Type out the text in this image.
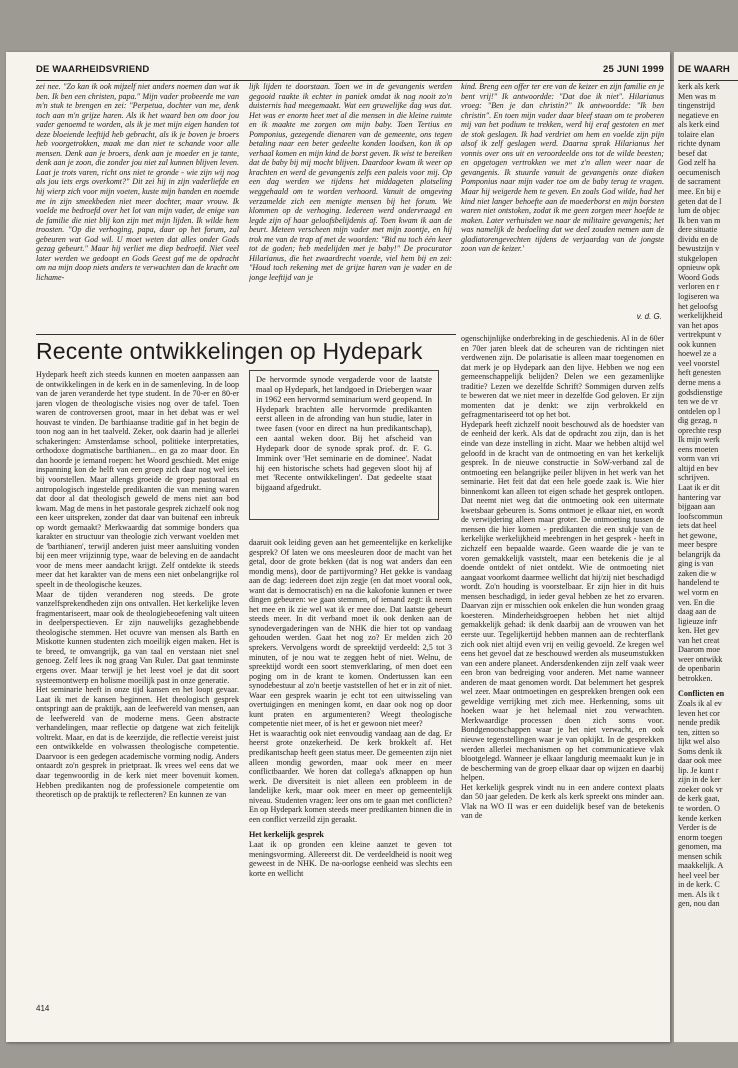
DE WAARHEIDSVRIEND	25 JUNI 1999

zei nee. "Zo kan ik ook mijzelf niet anders noemen dan wat ik ben. Ik ben een christen, papa." Mijn vader probeerde me van m'n stuk te brengen en zei: "Perpetua, dochter van me, denk toch aan m'n grijze haren. Als ik het waard ben om door jou vader genoemd te worden, als ik je met mijn eigen handen tot deze bloeiende leeftijd heb gebracht, als ik je boven je broers heb voorgetrokken, maak me dan niet te schande voor alle mensen. Denk aan je broers, denk aan je moeder en je tante, denk aan je zoon, die zonder jou niet zal kunnen blijven leven. Laat je trots varen, richt ons niet te gronde - wie zijn wij nog als jou iets ergs overkomt?" Dit zei hij in zijn vaderliefde en hij wierp zich voor mijn voeten, kuste mijn handen en noemde me in zijn smeekbeden niet meer dochter, maar vrouw. Ik voelde me bedroefd over het lot van mijn vader, de enige van de familie die niet blij kon zijn met mijn lijden. Ik wilde hem troosten. "Op die verhoging, papa, daar op het forum, zal gebeuren wat God wil. U moet weten dat alles onder Gods gezag gebeurt." Maar hij verliet me diep bedroefd. Niet veel later werden we gedoopt en Gods Geest gaf me de opdracht om na mijn doop niets anders te verwachten dan de kracht om lichame-

lijk lijden te doorstaan. Toen we in de gevangenis werden gegooid raakte ik echter in paniek omdat ik nog nooit zo'n duisternis had meegemaakt. Wat een gruwelijke dag was dat. Het was er enorm heet met al die mensen in die kleine ruimte en ik maakte me zorgen om mijn baby. Toen Tertius en Pomponius, gezegende dienaren van de gemeente, ons tegen betaling naar een beter gedeelte konden loodsen, kon ik op verhaal komen en mijn kind de borst geven. Ik wist te bereiken dat de baby bij mij mocht blijven. Daardoor kwam ik weer op krachten en werd de gevangenis zelfs een paleis voor mij. Op een dag werden we tijdens het middageten plotseling weggehaald om te worden verhoord. Vanuit de omgeving verzamelde zich een menigte mensen bij het forum. We klommen op de verhoging. Iedereen werd ondervraagd en legde zijn of haar geloofsbelijdenis af. Toen kwam ik aan de beurt. Meteen verscheen mijn vader met mijn zoontje, en hij trok me van de trap af met de woorden: "Bid nu toch één keer tot de goden; heb medelijden met je baby!" De procurator Hilarianus, die het zwaardrecht voerde, viel hem bij en zei: "Houd toch rekening met de grijze haren van je vader en de jonge leeftijd van je

kind. Breng een offer ter ere van de keizer en zijn familie en je bent vrij!" Ik antwoordde: "Dat doe ik niet". Hilarianus vroeg: "Ben je dan christin?" Ik antwoordde: "Ik ben christin". En toen mijn vader daar bleef staan om te proberen mij van het podium te trekken, werd hij eraf gestoten en met de stok geslagen. Ik had verdriet om hem en voelde zijn pijn alsof ik zelf geslagen werd. Daarna sprak Hilarianus het vonnis over ons uit en veroordeelde ons tot de wilde beesten; en opgetogen vertrokken we met z'n allen weer naar de gevangenis. Ik stuurde vanuit de gevangenis onze diaken Pomponius naar mijn vader toe om de baby terug te vragen. Maar hij weigerde hem te geven. En zoals God wilde, had het kind niet langer behoefte aan de moederborst en mijn borsten waren niet ontstoken, zodat ik me geen zorgen meer hoefde te maken. Later verhuisden we naar de militaire gevangenis; het was namelijk de bedoeling dat we deel zouden nemen aan de gladiatorengevechten tijdens de verjaardag van de jongste zoon van de keizer.'

v. d. G.
Recente ontwikkelingen op Hydepark

Hydepark heeft zich steeds kunnen en moeten aanpassen aan de ontwikkelingen in de kerk en in de samenleving. In de loop van de jaren veranderde het type student. In de 70-er en 80-er jaren vlogen de theologische visies nog over de tafel. Toen waren de controversen groot, maar in het debat was er wel houvast te vinden. De barthiaanse traditie gaf in het begin de toon nog aan in het taalveld. Zeker, ook daarin had je allerlei schakeringen: Amsterdamse school, politieke interpretaties, orthodoxe dogmatische barthianen... en ga zo maar door. En dan hoorde je iemand roepen: het Woord geschiedt. Met enige inspanning kon de helft van een groep zich daar nog wel iets bij voorstellen. Maar allengs groeide de groep pastoraal en antropologisch ingestelde predikanten die van mening waren dat door al dat theologisch geweld de mens niet aan bod kwam. Mag de mens in het pastorale gesprek zichzelf ook nog een keer uitspreken, zonder dat daar van buitenaf een inbreuk op wordt gemaakt? Merkwaardig dat sommige bonders qua karakter en structuur van theologie zich verwant voelden met de 'barthianen', terwijl anderen juist meer aansluiting vonden bij een meer vrijzinnig type, waar de beleving en de aandacht voor de mens meer aandacht krijgt. Zelf ontdekte ik steeds meer dat het karakter van de mens een niet onbelangrijke rol speelt in de theologische keuzes.

Maar de tijden veranderen nog steeds. De grote vanzelfsprekendheden zijn ons ontvallen. Het kerkelijke leven fragmentariseert, maar ook de theologiebeoefening valt uiteen in deelperspectieven. Er zijn nauwelijks gezaghebbende theologische stemmen. Het ocuvre van mensen als Barth en Miskotte kunnen studenten zich moeilijk eigen maken. Het is te breed, te omvangrijk, ga van taal en verstaan niet snel genoeg. Zelf lees ik nog graag Van Ruler. Dat gaat tenminste ergens over. Maar terwijl je het leest voel je dat dit soort systeemontwerp en holisme moeilijk past in onze generatie.

Het seminarie heeft in onze tijd kansen en het loopt gevaar. Laat ik met de kansen beginnen. Het theologisch gesprek ontspringt aan de praktijk, aan de leefwereld van mensen, aan de leefwereld van de moderne mens. Geen abstracte verhandelingen, maar reflectie op datgene wat zich feitelijk voltrekt. Maar, en dat is de keerzijde, die reflectie vereist juist een ontwikkelde en volwassen theologische competentie. Daarvoor is een gedegen academische vorming nodig. Anders ontaardt zo'n gesprek in prietpraat. Ik vrees wel eens dat we daar tegenwoordig in de kerk niet meer bovenuit komen. Hebben predikanten nog de professionele competentie om theoretisch op de praktijk te reflecteren? En kunnen ze van

De hervormde synode vergaderde voor de laatste maal op Hydepark, het landgoed in Driebergen waar in 1962 een hervormd seminarium werd geopend. In Hydepark brachten alle hervormde predikanten eerst alleen in de afronding van hun studie, later in twee fasen (voor en direct na hun predikantschap), een aantal weken door. Bij het afscheid van Hydepark door de synode sprak prof. dr. F. G. Immink over 'Het seminarie en de dominee'. Nadat hij een historische schets had gegeven sloot hij af met 'Recente ontwikkelingen'. Dat gedeelte staat bijgaand afgedrukt.

daaruit ook leiding geven aan het gemeentelijke en kerkelijke gesprek? Of laten we ons meesleuren door de macht van het getal, door de grote bekken (dat is nog wat anders dan een mondig mens), door de partijvorming? Het gekke is vandaag aan de dag: iedereen doet zijn zegje (en dat moet vooral ook, want dat is democratisch) en na die kakofonie kunnen er twee dingen gebeuren: we gaan stemmen, of iemand zegt: ik neem het mee en ik zie wel wat ik er mee doe. Dat laatste gebeurt steeds meer. In dit verband moet ik ook denken aan de synodevergaderingen van de NHK die hier tot op vandaag gehouden werden. Gaat het nog zo? Er melden zich 20 sprekers. Vervolgens wordt de spreektijd verdeeld: 2,5 tot 3 minuten, of je nou wat te zeggen hebt of niet. Welnu, de spreektijd wordt een soort stemverklaring, of men doet een poging om in de krant te komen. Ondertussen kan een synodebestuur al zo'n beetje vaststellen of het er in zit of niet. Waar een gesprek waarin je echt tot een uitwisseling van overtuigingen en meningen komt, en daar ook nog op door kunt praten en argumenteren? Weegt theologische competentie niet meer, of is het er gewoon niet meer?

Het is waarachtig ook niet eenvoudig vandaag aan de dag. Er heerst grote onzekerheid. De kerk brokkelt af. Het predikantschap heeft geen status meer. De gemeenten zijn niet alleen mondig geworden, maar ook meer en meer conflictbaarder. We horen dat collega's afknappen op hun werk. De diversiteit is niet alleen een probleem in de landelijke kerk, maar ook meer en meer op gemeentelijk niveau. Studenten vragen: leer ons om te gaan met conflicten? En op Hydepark komen steeds meer predikanten binnen die in een conflict verzeild zijn geraakt.

Het kerkelijk gesprek

Laat ik op gronden een kleine aanzet te geven tot meningsvorming. Allereerst dit. De verdeeldheid is nooit weg geweest in de NHK. De na-oorlogse eenheid was slechts een korte en wellicht

ogenschijnlijke onderbreking in de geschiedenis. Al in de 60er en 70er jaren bleek dat de scheuren van de richtingen niet verdwenen zijn. De polarisatie is alleen maar toegenomen en dat merk je op Hydepark aan den lijve. Hebben we nog een gemeenschappelijk belijden? Delen we een gezamenlijke traditie? Lezen we dezelfde Schrift? Sommigen durven zelfs te beweren dat we niet meer in dezelfde God geloven. Er zijn momenten dat je denkt: we zijn verbrokkeld en gefragmentariseerd tot op het bot.

Hydepark heeft zichzelf nooit beschouwd als de hoedster van de eenheid der kerk. Als dat de opdracht zou zijn, dan is het einde van deze instelling in zicht. Maar we hebben altijd wel geloofd in de kracht van de ontmoeting en van het kerkelijk gesprek. In de nieuwe constructie in SoW-verband zal de ontmoeting een belangrijke peiler blijven in het werk van het seminarie. Het feit dat dat een hele goede zaak is. Wie hier binnenkomt kan alleen tot eigen schade het gesprek ontlopen. Dat neemt niet weg dat die ontmoeting ook een uitermate kwetsbaar gebeuren is. Soms ontmoet je elkaar niet, en wordt de verwijdering alleen maar groter. De ontmoeting tussen de mensen die hier komen - predikanten die een stukje van de kerkelijke werkelijkheid meebrengen in het gesprek - heeft in zichzelf een bepaalde waarde. Geen waarde die je van te voren gemakkelijk vaststelt, maar een betekenis die je al doende ontdekt of niet ontdekt. Wie de ontmoeting niet aangaat voorkomt daarmee wellicht dat hij/zij niet beschadigd wordt. Zo'n houding is voorstelbaar. Er zijn hier in dit huis mensen beschadigd, in ieder geval hebben ze het zo ervaren. Daarvan zijn er misschien ook enkelen die hun wonden graag koesteren. Minderheidsgroepen hebben het niet altijd gemakkelijk gehad: ik denk daarbij aan de vrouwen van het eerste uur. Tegelijkertijd hebben mannen aan de rechterflank zich ook niet altijd even vrij en veilig gevoeld. Ze kregen wel eens het gevoel dat ze beschouwd werden als museumstukken van een andere planeet. Andersdenkenden zijn zelf vaak weer een bron van bedreiging voor anderen. Met name wanneer anderen de maat genomen wordt. Dat belemmert het gesprek wel zeer. Maar ontmoetingen en gesprekken brengen ook een geweldige verrijking met zich mee. Herkenning, soms uit hoeken waar je het helemaal niet zou verwachten. Merkwaardige processen doen zich soms voor. Bondgenootschappen waar je het niet verwacht, en ook nieuwe tegenstellingen waar je van opkijkt. In de gesprekken werden allerlei mechanismen op het communicatieve vlak blootgelegd. Wanneer je elkaar langdurig meemaakt kun je in de bescherming van de groep elkaar daar op wijzen en daarbij helpen.

Het kerkelijk gesprek vindt nu in een andere context plaats dan 50 jaar geleden. De kerk als kerk spreekt ons minder aan. Vlak na WO II was er een duidelijk besef van de betekenis van de

414
DE WAARH
kerk als kerk
Men was m
tingenstrijd
negatieve en
als kerk eind
tolaire elan
richte dynam
besef dat
God zelf ha
oecumenisch
de sacrament
mee. En bij e
geten dat de l
lum de objec
Ik ben van m
dere situatie
dividu en de
bewustzijn v
stukgelopen
opnieuw opk
Woord Gods
verloren en r
logiseren wa
het geloofsg
werkelijkheid
van het apos
vertrekpunt v
ook kunnen
hoewel ze a
veel voorstel
heft genesten
derne mens a
godsdienstige
ten we de vr
ontdelen op l
dig gezag, n
oprechte resp
Ik mijn werk
eens moeten
vorm van vri
altijd en bev
schrijven.
Laat ik er dit
hantering var
bijgaan aan
loofscommun
iets dat heel
het gewone,
meer bespre
belangrijk da
ging is van
zaken die w
handelend te
wel vorm en
ven. En die
daag aan de
ligieuze infr
ken. Het gev
van het creat
Daarom moe
weer ontwikk
de openbarin
betrokken.
Conflicten en
Zoals ik al ev
leven het cor
nende predik
ten, zitten so
lijkt wel also
Soms denk ik
daar ook mee
lip. Je kunt r
zijn in de ker
zoeker ook vr
de kerk gaat,
te worden. O
kende kerken
Verder is de
enorm toegen
genomen, ma
mensen schik
maakkelijk. A
heel veel ber
in de kerk. C
men. Als ik t
gen, nou dan
